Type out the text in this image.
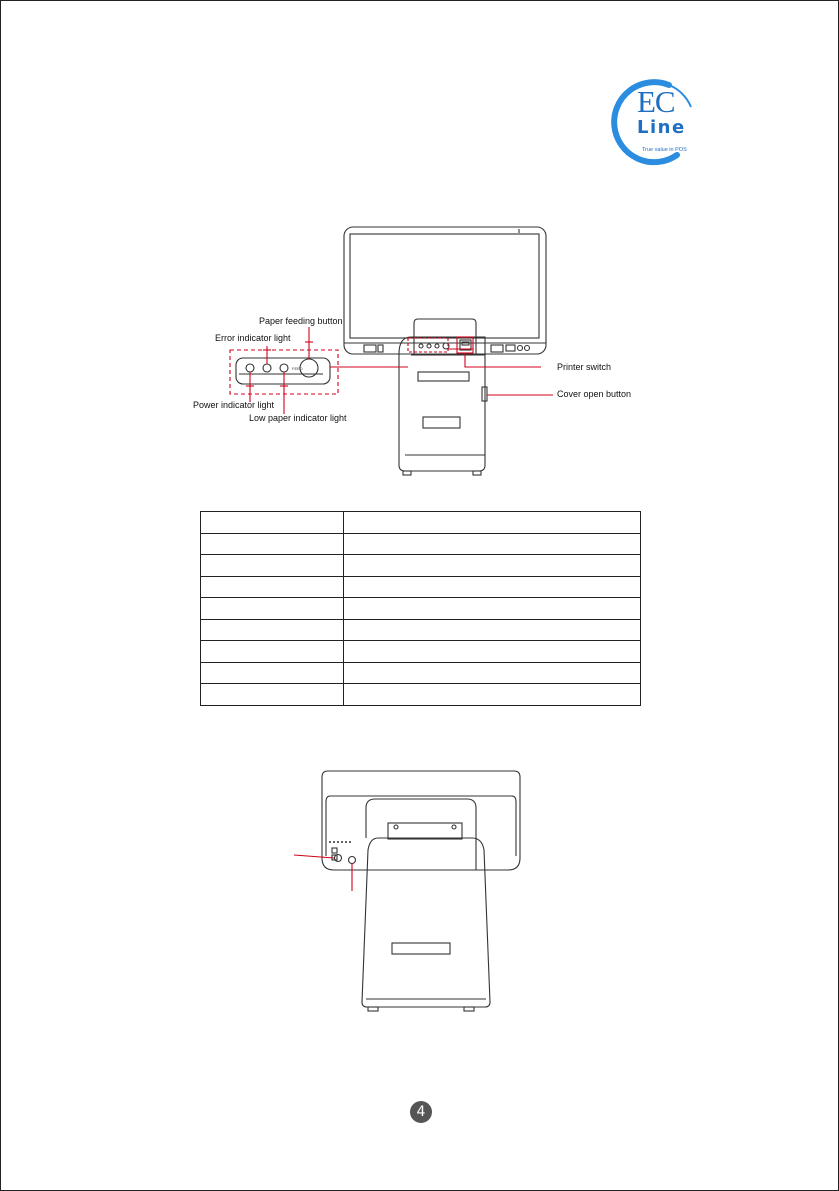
EC
Line
True value in POS
FEED
Paper feeding button
Error indicator light
Power indicator light
Low paper indicator light
Printer switch
Cover open button

4
